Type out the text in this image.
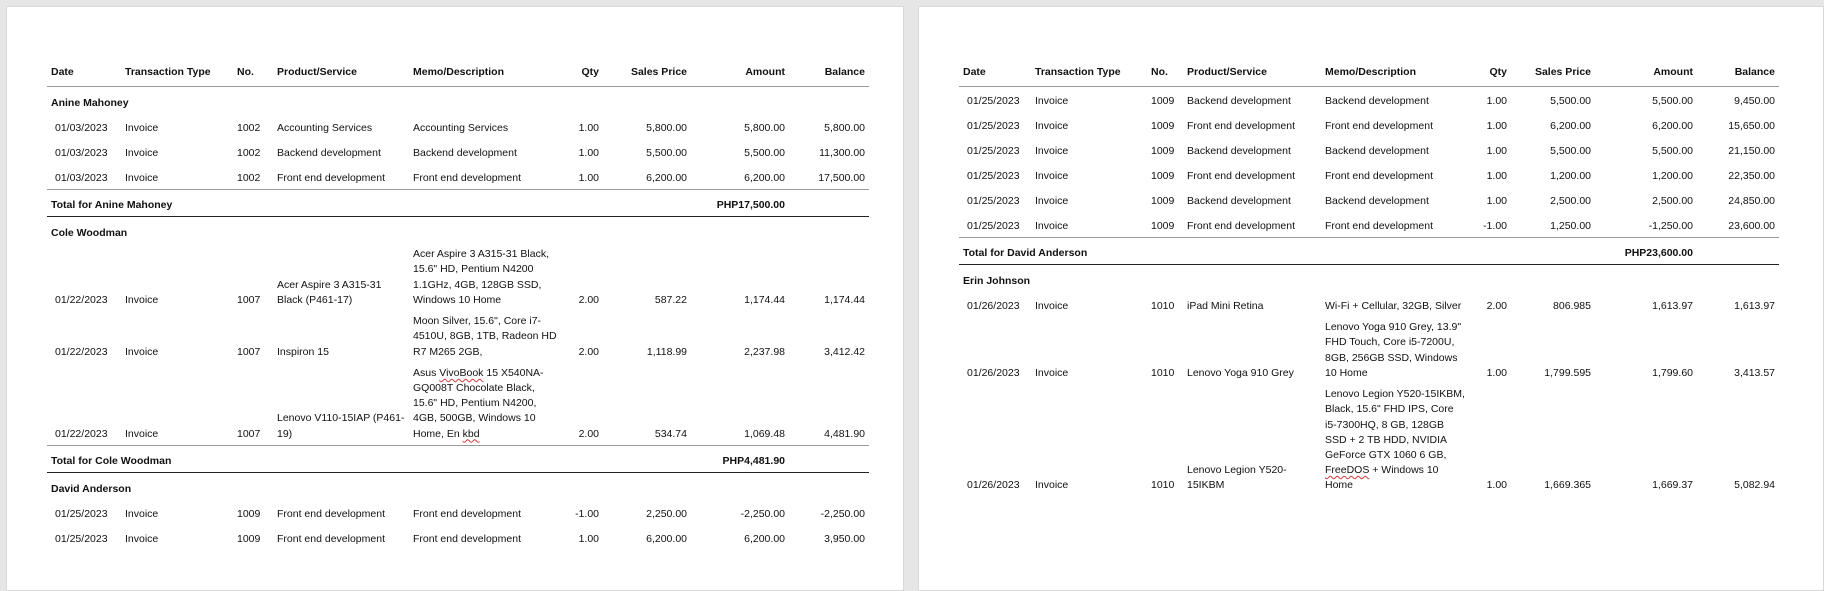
Date	Transaction Type	No.	Product/Service	Memo/Description	Qty	Sales Price	Amount	Balance
Anine Mahoney								
01/03/2023	Invoice	1002	Accounting Services	Accounting Services	1.00	5,800.00	5,800.00	5,800.00
01/03/2023	Invoice	1002	Backend development	Backend development	1.00	5,500.00	5,500.00	11,300.00
01/03/2023	Invoice	1002	Front end development	Front end development	1.00	6,200.00	6,200.00	17,500.00
Total for Anine Mahoney							PHP17,500.00	
Cole Woodman								
01/22/2023	Invoice	1007	Acer Aspire 3 A315-31 Black (P461-17)	Acer Aspire 3 A315-31 Black, 15.6" HD, Pentium N4200 1.1GHz, 4GB, 128GB SSD, Windows 10 Home	2.00	587.22	1,174.44	1,174.44
01/22/2023	Invoice	1007	Inspiron 15	Moon Silver, 15.6", Core i7-4510U, 8GB, 1TB, Radeon HD R7 M265 2GB,	2.00	1,118.99	2,237.98	3,412.42
01/22/2023	Invoice	1007	Lenovo V110-15IAP (P461-19)	Asus VivoBook 15 X540NA-GQ008T Chocolate Black, 15.6" HD, Pentium N4200, 4GB, 500GB, Windows 10 Home, En kbd	2.00	534.74	1,069.48	4,481.90
Total for Cole Woodman							PHP4,481.90	
David Anderson								
01/25/2023	Invoice	1009	Front end development	Front end development	-1.00	2,250.00	-2,250.00	-2,250.00
01/25/2023	Invoice	1009	Front end development	Front end development	1.00	6,200.00	6,200.00	3,950.00
Date	Transaction Type	No.	Product/Service	Memo/Description	Qty	Sales Price	Amount	Balance
01/25/2023	Invoice	1009	Backend development	Backend development	1.00	5,500.00	5,500.00	9,450.00
01/25/2023	Invoice	1009	Front end development	Front end development	1.00	6,200.00	6,200.00	15,650.00
01/25/2023	Invoice	1009	Backend development	Backend development	1.00	5,500.00	5,500.00	21,150.00
01/25/2023	Invoice	1009	Front end development	Front end development	1.00	1,200.00	1,200.00	22,350.00
01/25/2023	Invoice	1009	Backend development	Backend development	1.00	2,500.00	2,500.00	24,850.00
01/25/2023	Invoice	1009	Front end development	Front end development	-1.00	1,250.00	-1,250.00	23,600.00
Total for David Anderson							PHP23,600.00	
Erin Johnson								
01/26/2023	Invoice	1010	iPad Mini Retina	Wi-Fi + Cellular, 32GB, Silver	2.00	806.985	1,613.97	1,613.97
01/26/2023	Invoice	1010	Lenovo Yoga 910 Grey	Lenovo Yoga 910 Grey, 13.9" FHD Touch, Core i5-7200U, 8GB, 256GB SSD, Windows 10 Home	1.00	1,799.595	1,799.60	3,413.57
01/26/2023	Invoice	1010	Lenovo Legion Y520-15IKBM	Lenovo Legion Y520-15IKBM, Black, 15.6" FHD IPS, Core i5-7300HQ, 8 GB, 128GB SSD + 2 TB HDD, NVIDIA GeForce GTX 1060 6 GB, FreeDOS + Windows 10 Home	1.00	1,669.365	1,669.37	5,082.94
